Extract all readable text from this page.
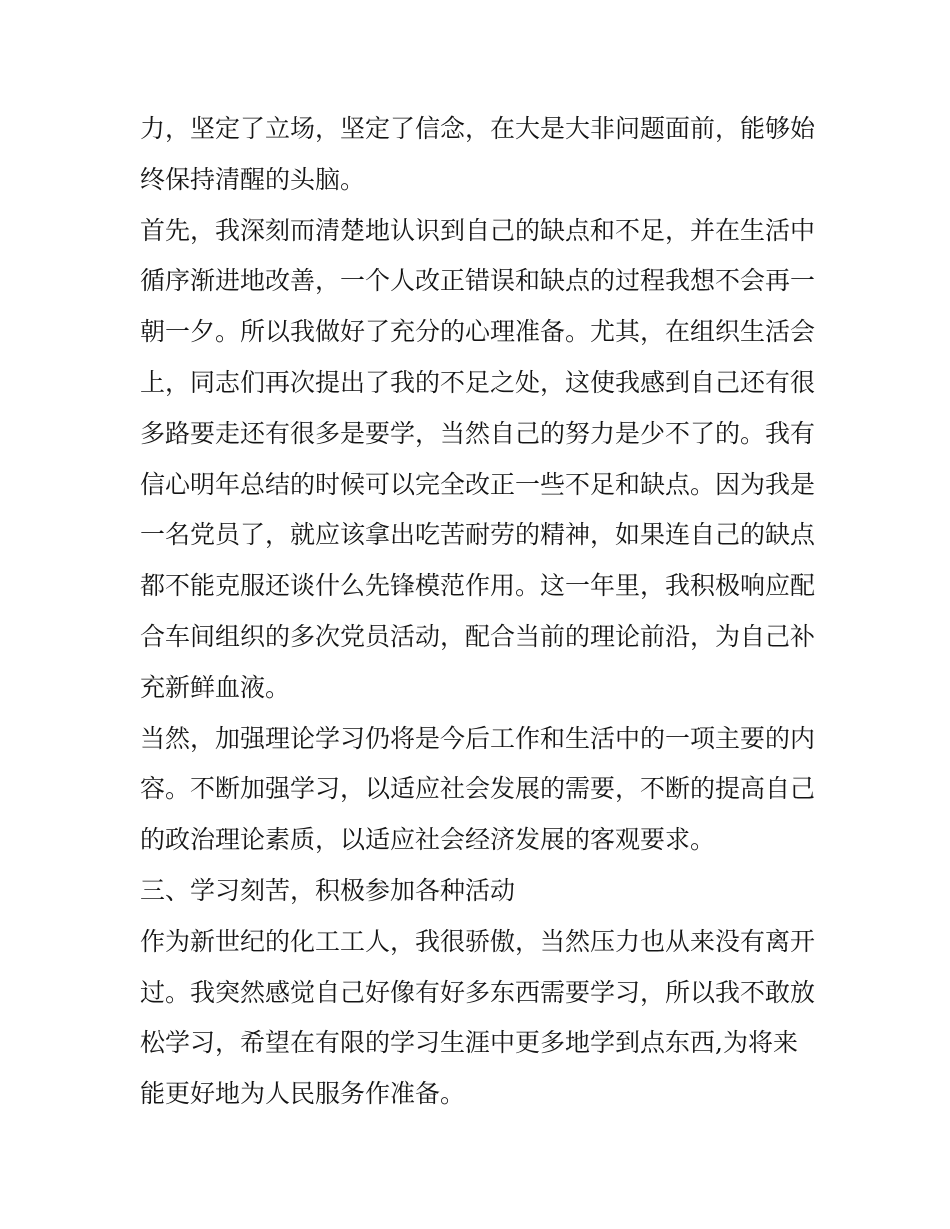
力，坚定了立场，坚定了信念，在大是大非问题面前，能够始
终保持清醒的头脑。
首先，我深刻而清楚地认识到自己的缺点和不足，并在生活中
循序渐进地改善，一个人改正错误和缺点的过程我想不会再一
朝一夕。所以我做好了充分的心理准备。尤其，在组织生活会
上，同志们再次提出了我的不足之处，这使我感到自己还有很
多路要走还有很多是要学，当然自己的努力是少不了的。我有
信心明年总结的时候可以完全改正一些不足和缺点。因为我是
一名党员了，就应该拿出吃苦耐劳的精神，如果连自己的缺点
都不能克服还谈什么先锋模范作用。这一年里，我积极响应配
合车间组织的多次党员活动，配合当前的理论前沿，为自己补
充新鲜血液。
当然，加强理论学习仍将是今后工作和生活中的一项主要的内
容。不断加强学习，以适应社会发展的需要，不断的提高自己
的政治理论素质，以适应社会经济发展的客观要求。
三、学习刻苦，积极参加各种活动
作为新世纪的化工工人，我很骄傲，当然压力也从来没有离开
过。我突然感觉自己好像有好多东西需要学习，所以我不敢放
松学习，希望在有限的学习生涯中更多地学到点东西,为将来
能更好地为人民服务作准备。
